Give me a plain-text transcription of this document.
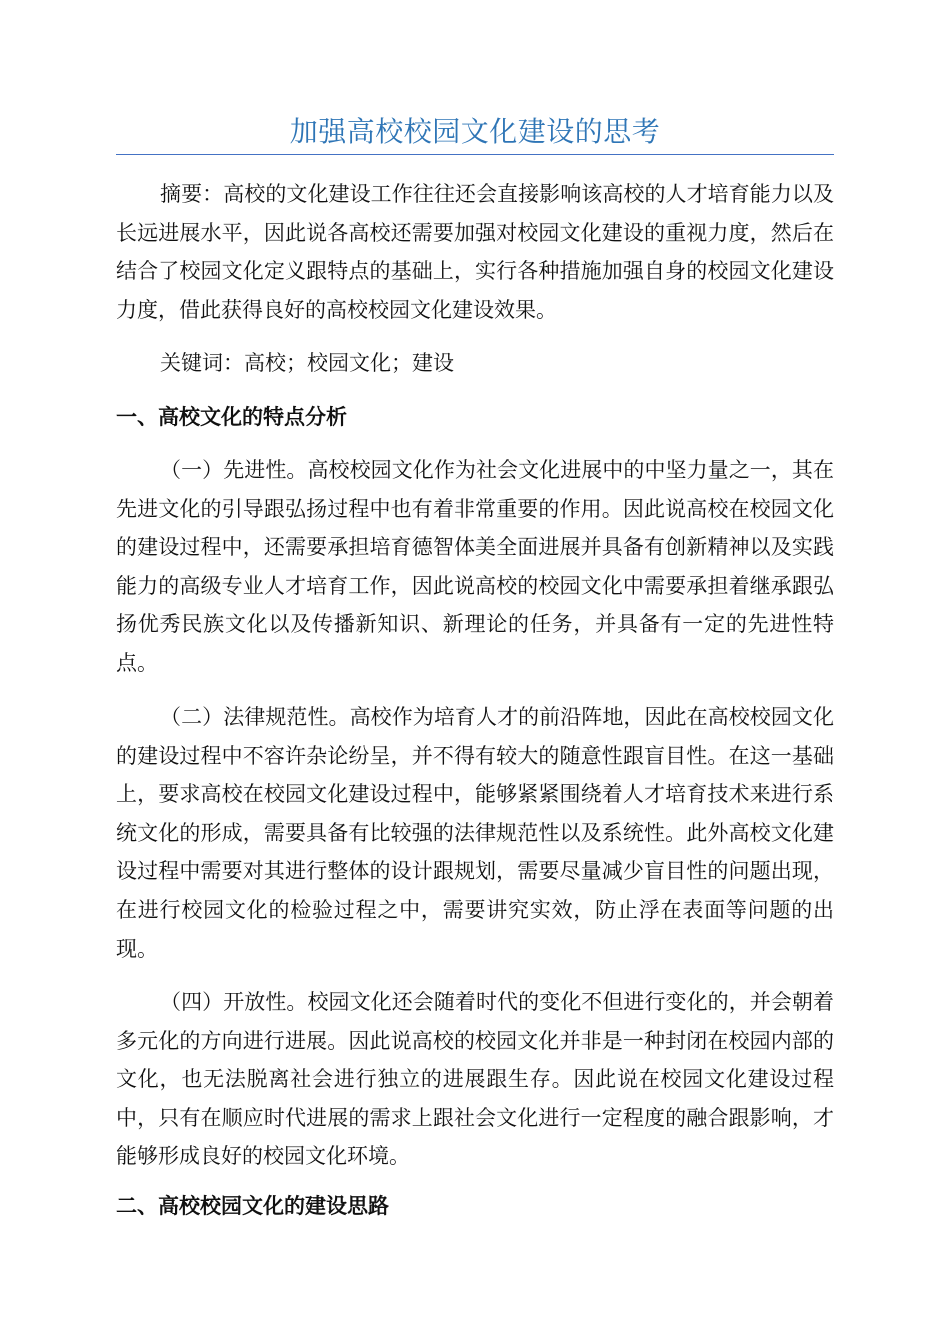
加强高校校园文化建设的思考

摘要：高校的文化建设工作往往还会直接影响该高校的人才培育能力以及长远进展水平，因此说各高校还需要加强对校园文化建设的重视力度，然后在结合了校园文化定义跟特点的基础上，实行各种措施加强自身的校园文化建设力度，借此获得良好的高校校园文化建设效果。

关键词：高校；校园文化；建设

一、高校文化的特点分析

（一）先进性。高校校园文化作为社会文化进展中的中坚力量之一，其在先进文化的引导跟弘扬过程中也有着非常重要的作用。因此说高校在校园文化的建设过程中，还需要承担培育德智体美全面进展并具备有创新精神以及实践能力的高级专业人才培育工作，因此说高校的校园文化中需要承担着继承跟弘扬优秀民族文化以及传播新知识、新理论的任务，并具备有一定的先进性特点。

（二）法律规范性。高校作为培育人才的前沿阵地，因此在高校校园文化的建设过程中不容许杂论纷呈，并不得有较大的随意性跟盲目性。在这一基础上，要求高校在校园文化建设过程中，能够紧紧围绕着人才培育技术来进行系统文化的形成，需要具备有比较强的法律规范性以及系统性。此外高校文化建设过程中需要对其进行整体的设计跟规划，需要尽量减少盲目性的问题出现，在进行校园文化的检验过程之中，需要讲究实效，防止浮在表面等问题的出现。

（四）开放性。校园文化还会随着时代的变化不但进行变化的，并会朝着多元化的方向进行进展。因此说高校的校园文化并非是一种封闭在校园内部的文化，也无法脱离社会进行独立的进展跟生存。因此说在校园文化建设过程中，只有在顺应时代进展的需求上跟社会文化进行一定程度的融合跟影响，才能够形成良好的校园文化环境。

二、高校校园文化的建设思路
